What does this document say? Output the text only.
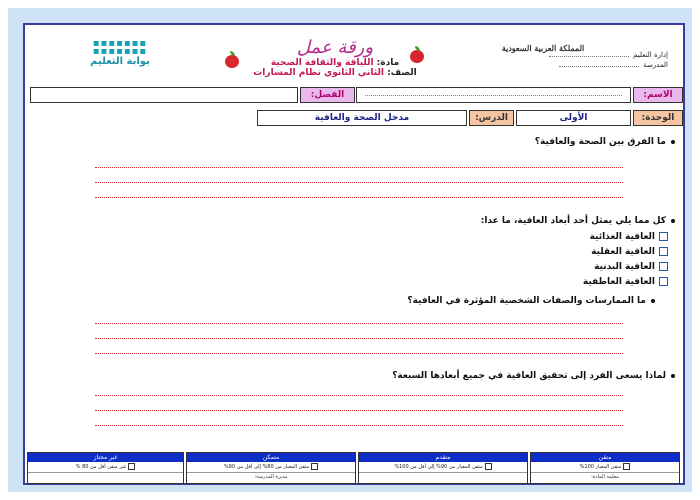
المملكة العربية السعودية
إدارة التعليم
المدرسة
ورقة عمل
مادة: اللياقة والثقافة الصحية
الصف: الثاني الثانوي نظام المسارات
▪▪▪▪▪▪▪
▪▪▪▪▪▪▪
بوابة التعليم
الاسم:
الفصل:
الوحدة:
الأولى
الدرس:
مدخل الصحة والعافية
ما الفرق بين الصحة والعافية؟
كل مما يلي يمثل أحد أبعاد العافية، ما عدا:
العافية الغذائية
العافية العقلية
العافية البدنية
العافية العاطفية
ما الممارسات والصفات الشخصية المؤثرة في العافية؟
لماذا يسعى الفرد إلى تحقيق العافية في جميع أبعادها السبعة؟
متقن
متقن المعيار 100%
معلمة المادة:
متقدم
متقن المعيار من 90% إلى أقل من 100%
متمكن
متقن المعيار من 80% إلى أقل من 90%
مديرة المدرسة:
غير مجتاز
غير متقن أقل من 80 %
